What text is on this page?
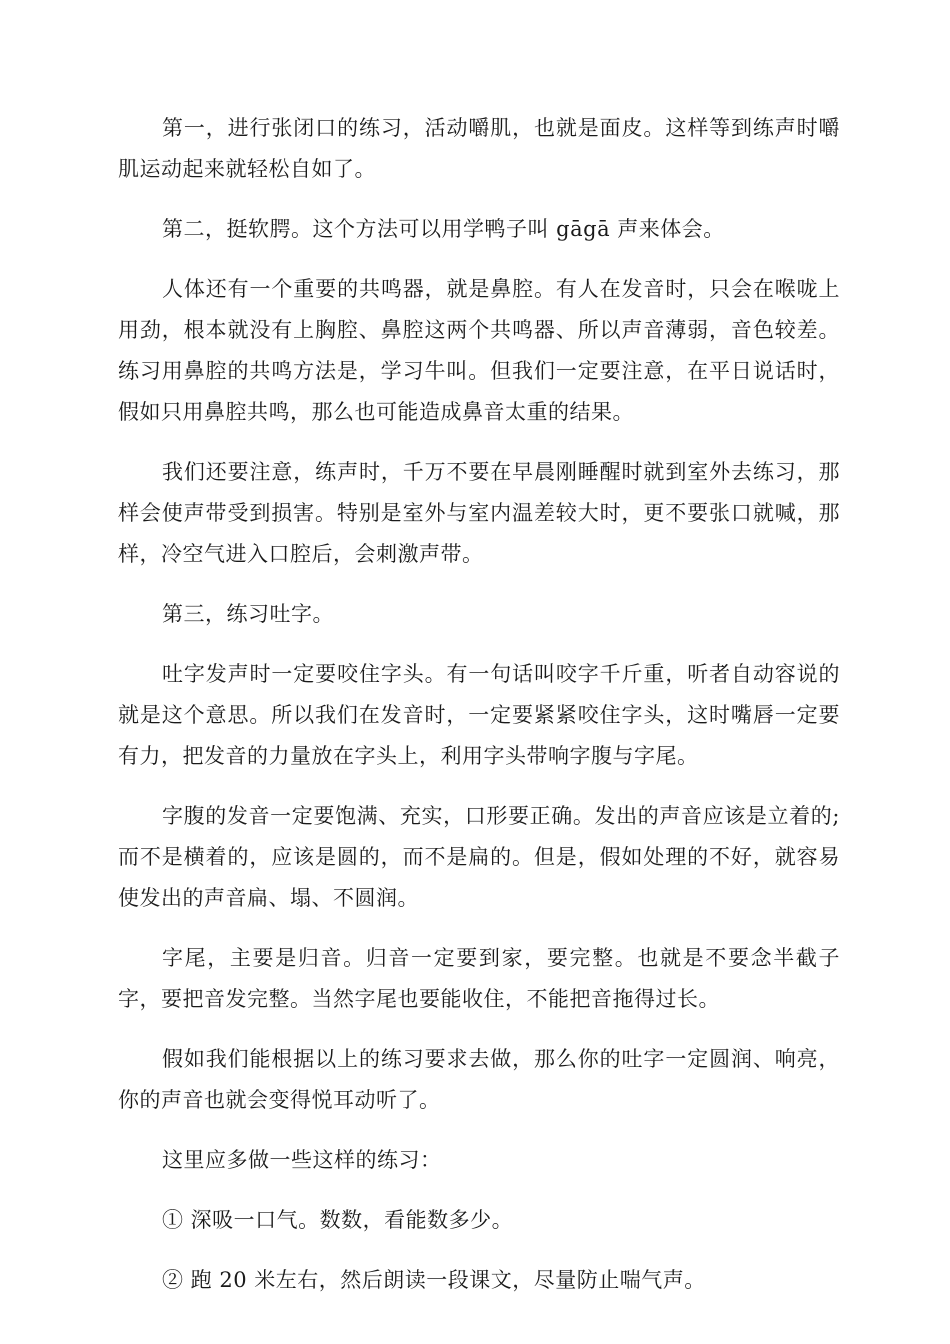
第一，进行张闭口的练习，活动嚼肌，也就是面皮。这样等到练声时嚼肌运动起来就轻松自如了。

第二，挺软腭。这个方法可以用学鸭子叫 gāgā 声来体会。

人体还有一个重要的共鸣器，就是鼻腔。有人在发音时，只会在喉咙上用劲，根本就没有上胸腔、鼻腔这两个共鸣器、所以声音薄弱，音色较差。练习用鼻腔的共鸣方法是，学习牛叫。但我们一定要注意，在平日说话时，假如只用鼻腔共鸣，那么也可能造成鼻音太重的结果。

我们还要注意，练声时，千万不要在早晨刚睡醒时就到室外去练习，那样会使声带受到损害。特别是室外与室内温差较大时，更不要张口就喊，那样，冷空气进入口腔后，会刺激声带。

第三，练习吐字。

吐字发声时一定要咬住字头。有一句话叫咬字千斤重，听者自动容说的就是这个意思。所以我们在发音时，一定要紧紧咬住字头，这时嘴唇一定要有力，把发音的力量放在字头上，利用字头带响字腹与字尾。

字腹的发音一定要饱满、充实，口形要正确。发出的声音应该是立着的;而不是横着的，应该是圆的，而不是扁的。但是，假如处理的不好，就容易使发出的声音扁、塌、不圆润。

字尾，主要是归音。归音一定要到家，要完整。也就是不要念半截子字，要把音发完整。当然字尾也要能收住，不能把音拖得过长。

假如我们能根据以上的练习要求去做，那么你的吐字一定圆润、响亮，你的声音也就会变得悦耳动听了。

这里应多做一些这样的练习：

① 深吸一口气。数数，看能数多少。

② 跑 20 米左右，然后朗读一段课文，尽量防止喘气声。
